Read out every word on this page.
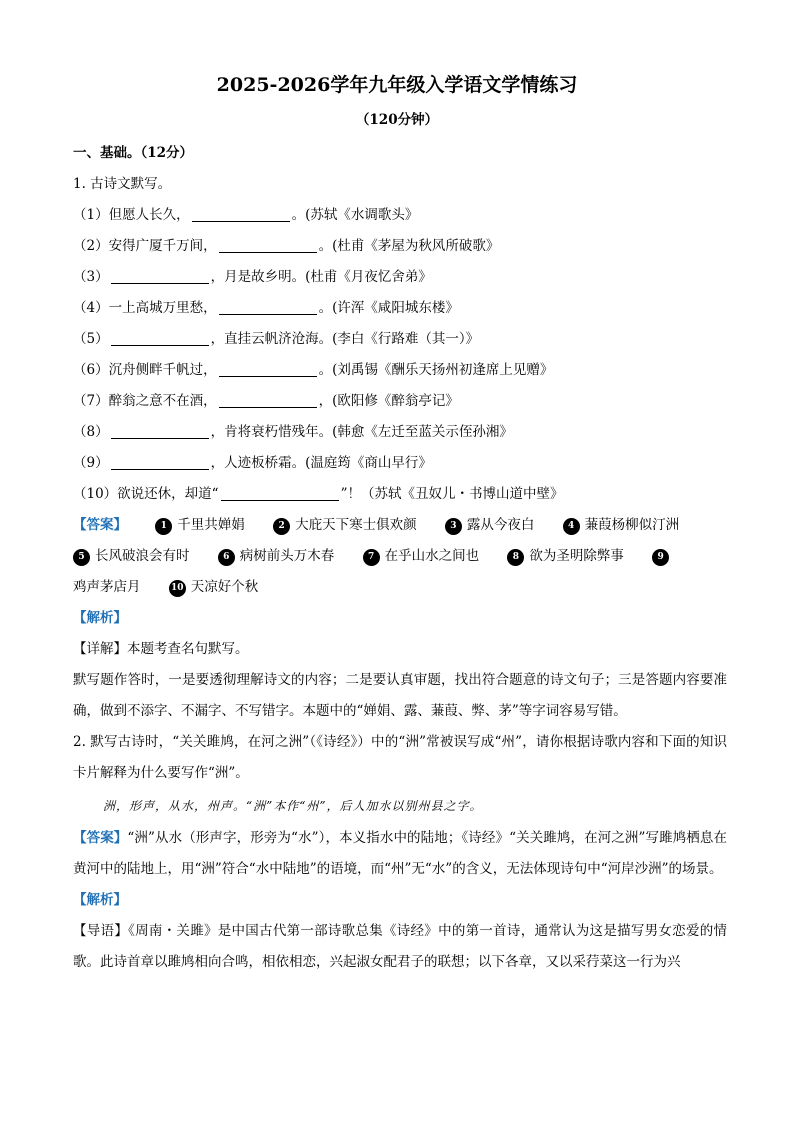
2025-2026学年九年级入学语文学情练习
（120分钟）
一、基础。（12分）
1. 古诗文默写。
（1）但愿人长久，	。(苏轼《水调歌头》
（2）安得广厦千万间，	。(杜甫《茅屋为秋风所破歌》
（3）	，月是故乡明。(杜甫《月夜忆舍弟》
（4）一上高城万里愁，	。(许浑《咸阳城东楼》
（5）	，直挂云帆济沧海。(李白《行路难（其一）》
（6）沉舟侧畔千帆过，	。(刘禹锡《酬乐天扬州初逢席上见赠》
（7）醉翁之意不在酒，	，(欧阳修《醉翁亭记》
（8）	，肯将衰朽惜残年。(韩愈《左迁至蓝关示侄孙湘》
（9）	，人迹板桥霜。(温庭筠《商山早行》
（10）欲说还休，却道“	”！（苏轼《丑奴儿・书博山道中壁》
【答案】	1 千里共婵娟	2 大庇天下寒士俱欢颜	3 露从今夜白	4 蒹葭杨柳似汀洲
5 长风破浪会有时	6 病树前头万木春	7 在乎山水之间也	8 欲为圣明除弊事	9
鸡声茅店月	10 天凉好个秋
【解析】
【详解】本题考查名句默写。
默写题作答时，一是要透彻理解诗文的内容；二是要认真审题，找出符合题意的诗文句子；三是答题内容要准确，做到不添字、不漏字、不写错字。本题中的“婵娟、露、蒹葭、弊、茅”等字词容易写错。
2. 默写古诗时，“关关雎鸠，在河之洲”（《诗经》）中的“洲”常被误写成“州”，请你根据诗歌内容和下面的知识卡片解释为什么要写作“洲”。
洲，形声，从水，州声。“洲”本作“州”，后人加水以别州县之字。
【答案】“洲”从水（形声字，形旁为“水”），本义指水中的陆地；《诗经》“关关雎鸠，在河之洲”写雎鸠栖息在黄河中的陆地上，用“洲”符合“水中陆地”的语境，而“州”无“水”的含义，无法体现诗句中“河岸沙洲”的场景。
【解析】
【导语】《周南・关雎》是中国古代第一部诗歌总集《诗经》中的第一首诗，通常认为这是描写男女恋爱的情歌。此诗首章以雎鸠相向合鸣，相依相恋，兴起淑女配君子的联想；以下各章，又以采荇菜这一行为兴
